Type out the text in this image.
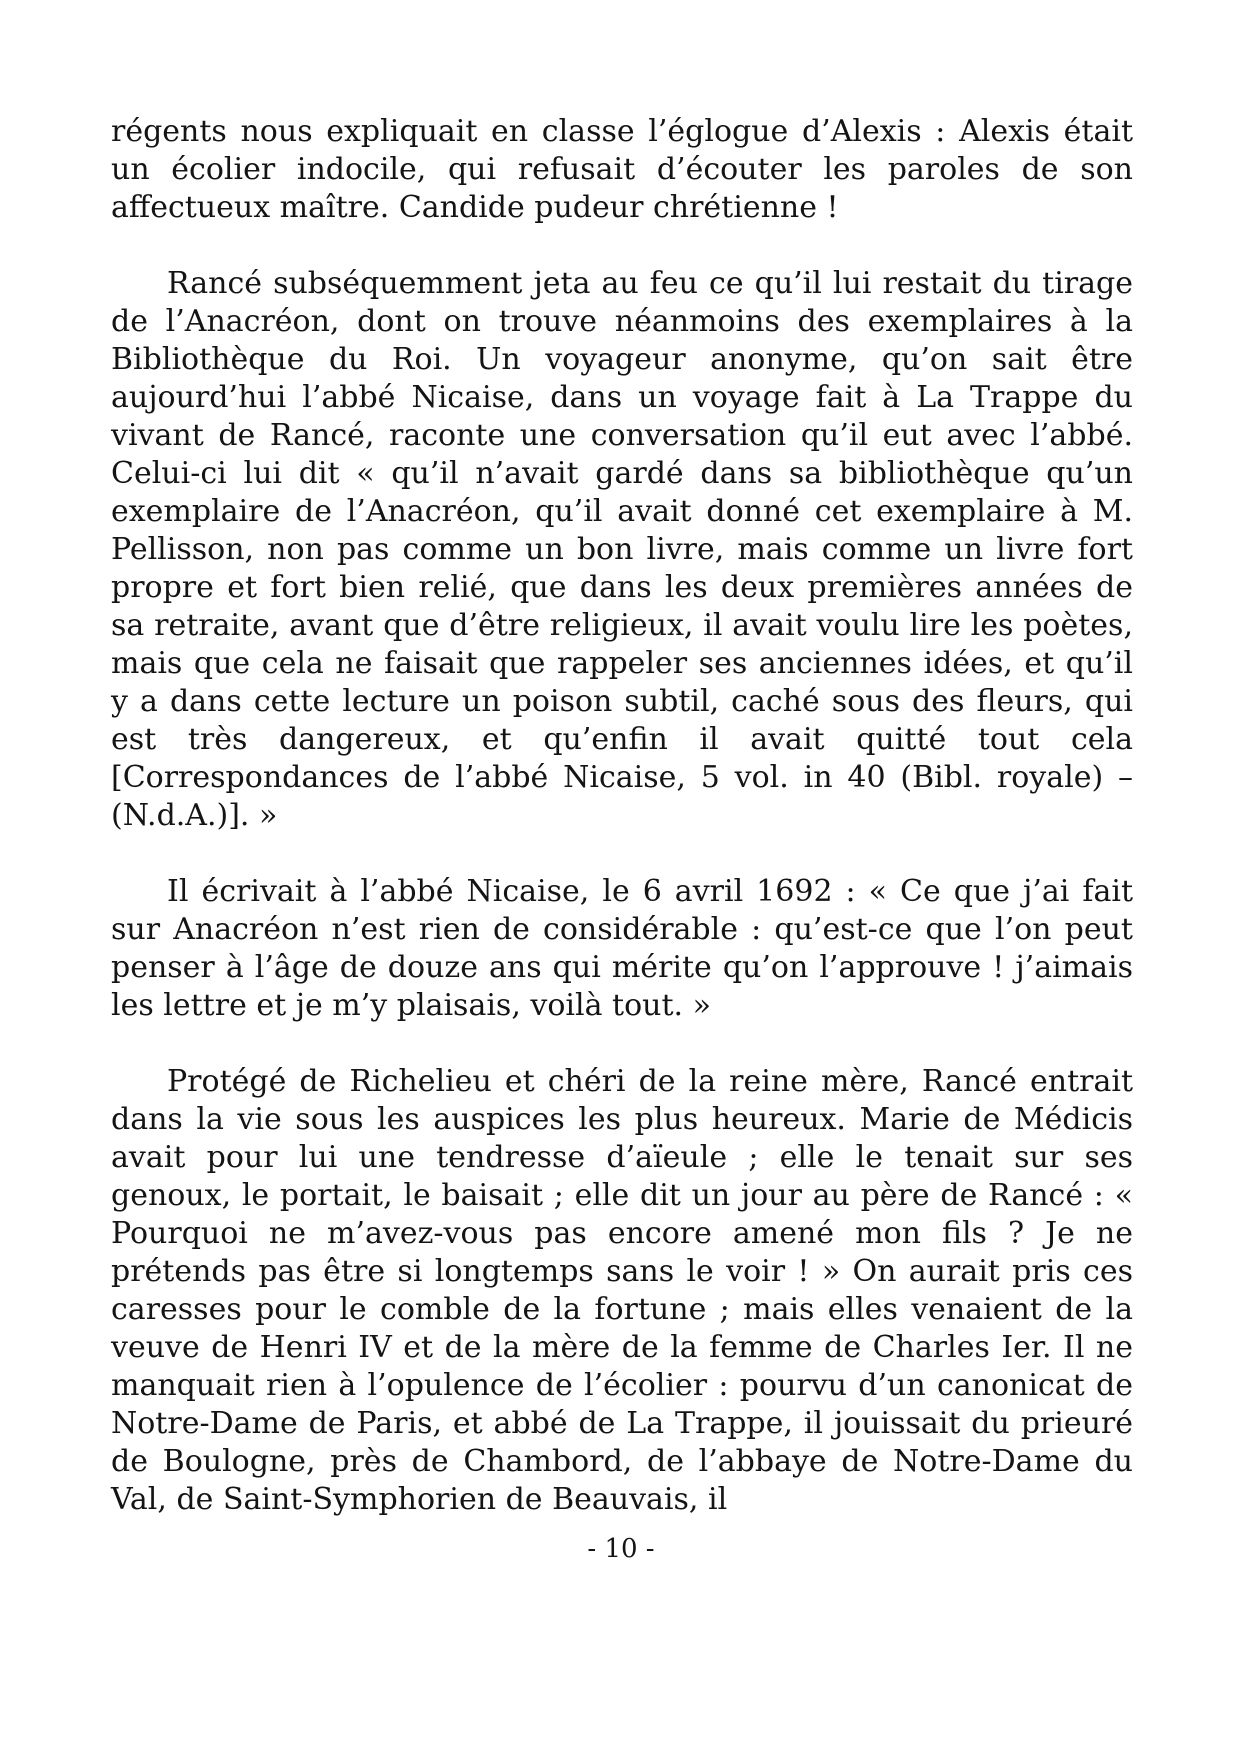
régents nous expliquait en classe l’églogue d’Alexis : Alexis était un écolier indocile, qui refusait d’écouter les paroles de son affectueux maître. Candide pudeur chrétienne !

Rancé subséquemment jeta au feu ce qu’il lui restait du tirage de l’Anacréon, dont on trouve néanmoins des exemplaires à la Bibliothèque du Roi. Un voyageur anonyme, qu’on sait être aujourd’hui l’abbé Nicaise, dans un voyage fait à La Trappe du vivant de Rancé, raconte une conversation qu’il eut avec l’abbé. Celui-ci lui dit « qu’il n’avait gardé dans sa bibliothèque qu’un exemplaire de l’Anacréon, qu’il avait donné cet exemplaire à M. Pellisson, non pas comme un bon livre, mais comme un livre fort propre et fort bien relié, que dans les deux premières années de sa retraite, avant que d’être religieux, il avait voulu lire les poètes, mais que cela ne faisait que rappeler ses anciennes idées, et qu’il y a dans cette lecture un poison subtil, caché sous des fleurs, qui est très dangereux, et qu’enfin il avait quitté tout cela [Correspondances de l’abbé Nicaise, 5 vol. in 40 (Bibl. royale) – (N.d.A.)]. »

Il écrivait à l’abbé Nicaise, le 6 avril 1692 : « Ce que j’ai fait sur Anacréon n’est rien de considérable : qu’est-ce que l’on peut penser à l’âge de douze ans qui mérite qu’on l’approuve ! j’aimais les lettre et je m’y plaisais, voilà tout. »

Protégé de Richelieu et chéri de la reine mère, Rancé entrait dans la vie sous les auspices les plus heureux. Marie de Médicis avait pour lui une tendresse d’aïeule ; elle le tenait sur ses genoux, le portait, le baisait ; elle dit un jour au père de Rancé : « Pourquoi ne m’avez-vous pas encore amené mon fils ? Je ne prétends pas être si longtemps sans le voir ! » On aurait pris ces caresses pour le comble de la fortune ; mais elles venaient de la veuve de Henri IV et de la mère de la femme de Charles Ier. Il ne manquait rien à l’opulence de l’écolier : pourvu d’un canonicat de Notre-Dame de Paris, et abbé de La Trappe, il jouissait du prieuré de Boulogne, près de Chambord, de l’abbaye de Notre-Dame du Val, de Saint-Symphorien de Beauvais, il

- 10 -
